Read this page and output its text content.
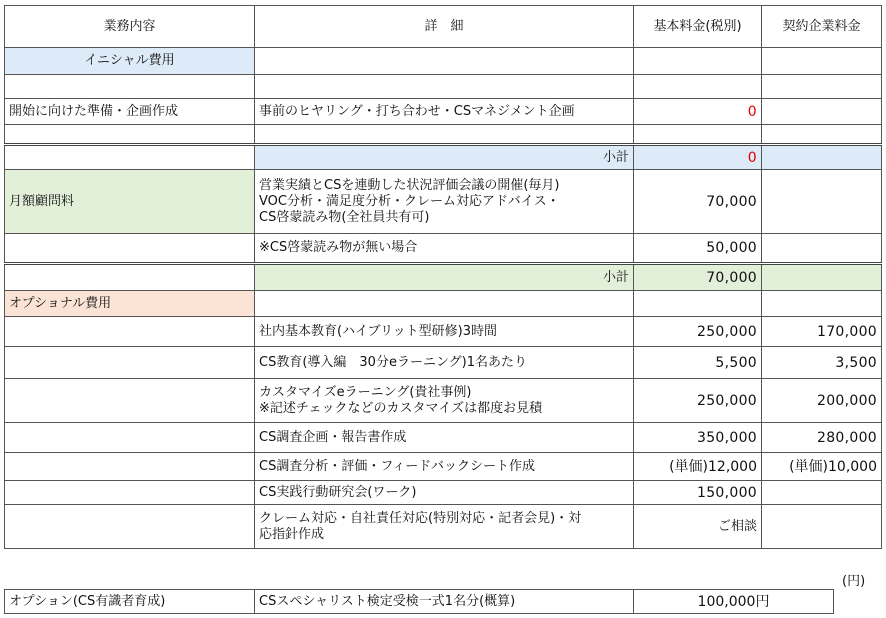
業務内容	詳　細	基本料金(税別)	契約企業料金
イニシャル費用			

開始に向けた準備・企画作成	事前のヒヤリング・打ち合わせ・CSマネジメント企画	0	

	小計	0	
月額顧問料	営業実績とCSを連動した状況評価会議の開催(毎月)
VOC分析・満足度分析・クレーム対応アドバイス・
CS啓蒙読み物(全社員共有可)	70,000	
	※CS啓蒙読み物が無い場合	50,000	
	小計	70,000	
オプショナル費用			
	社内基本教育(ハイブリット型研修)3時間	250,000	170,000
	CS教育(導入編　30分eラーニング)1名あたり	5,500	3,500

	カスタマイズeラーニング(貴社事例)
※記述チェックなどのカスタマイズは都度お見積	250,000	200,000
	CS調査企画・報告書作成	350,000	280,000
	CS調査分析・評価・フィードバックシート作成	(単価)12,000	(単価)10,000
	CS実践行動研究会(ワーク)	150,000	

	クレーム対応・自社責任対応(特別対応・記者会見)・対
応指針作成	ご相談	
(円)
オプション(CS有識者育成)	CSスペシャリスト検定受検一式1名分(概算)	100,000円
